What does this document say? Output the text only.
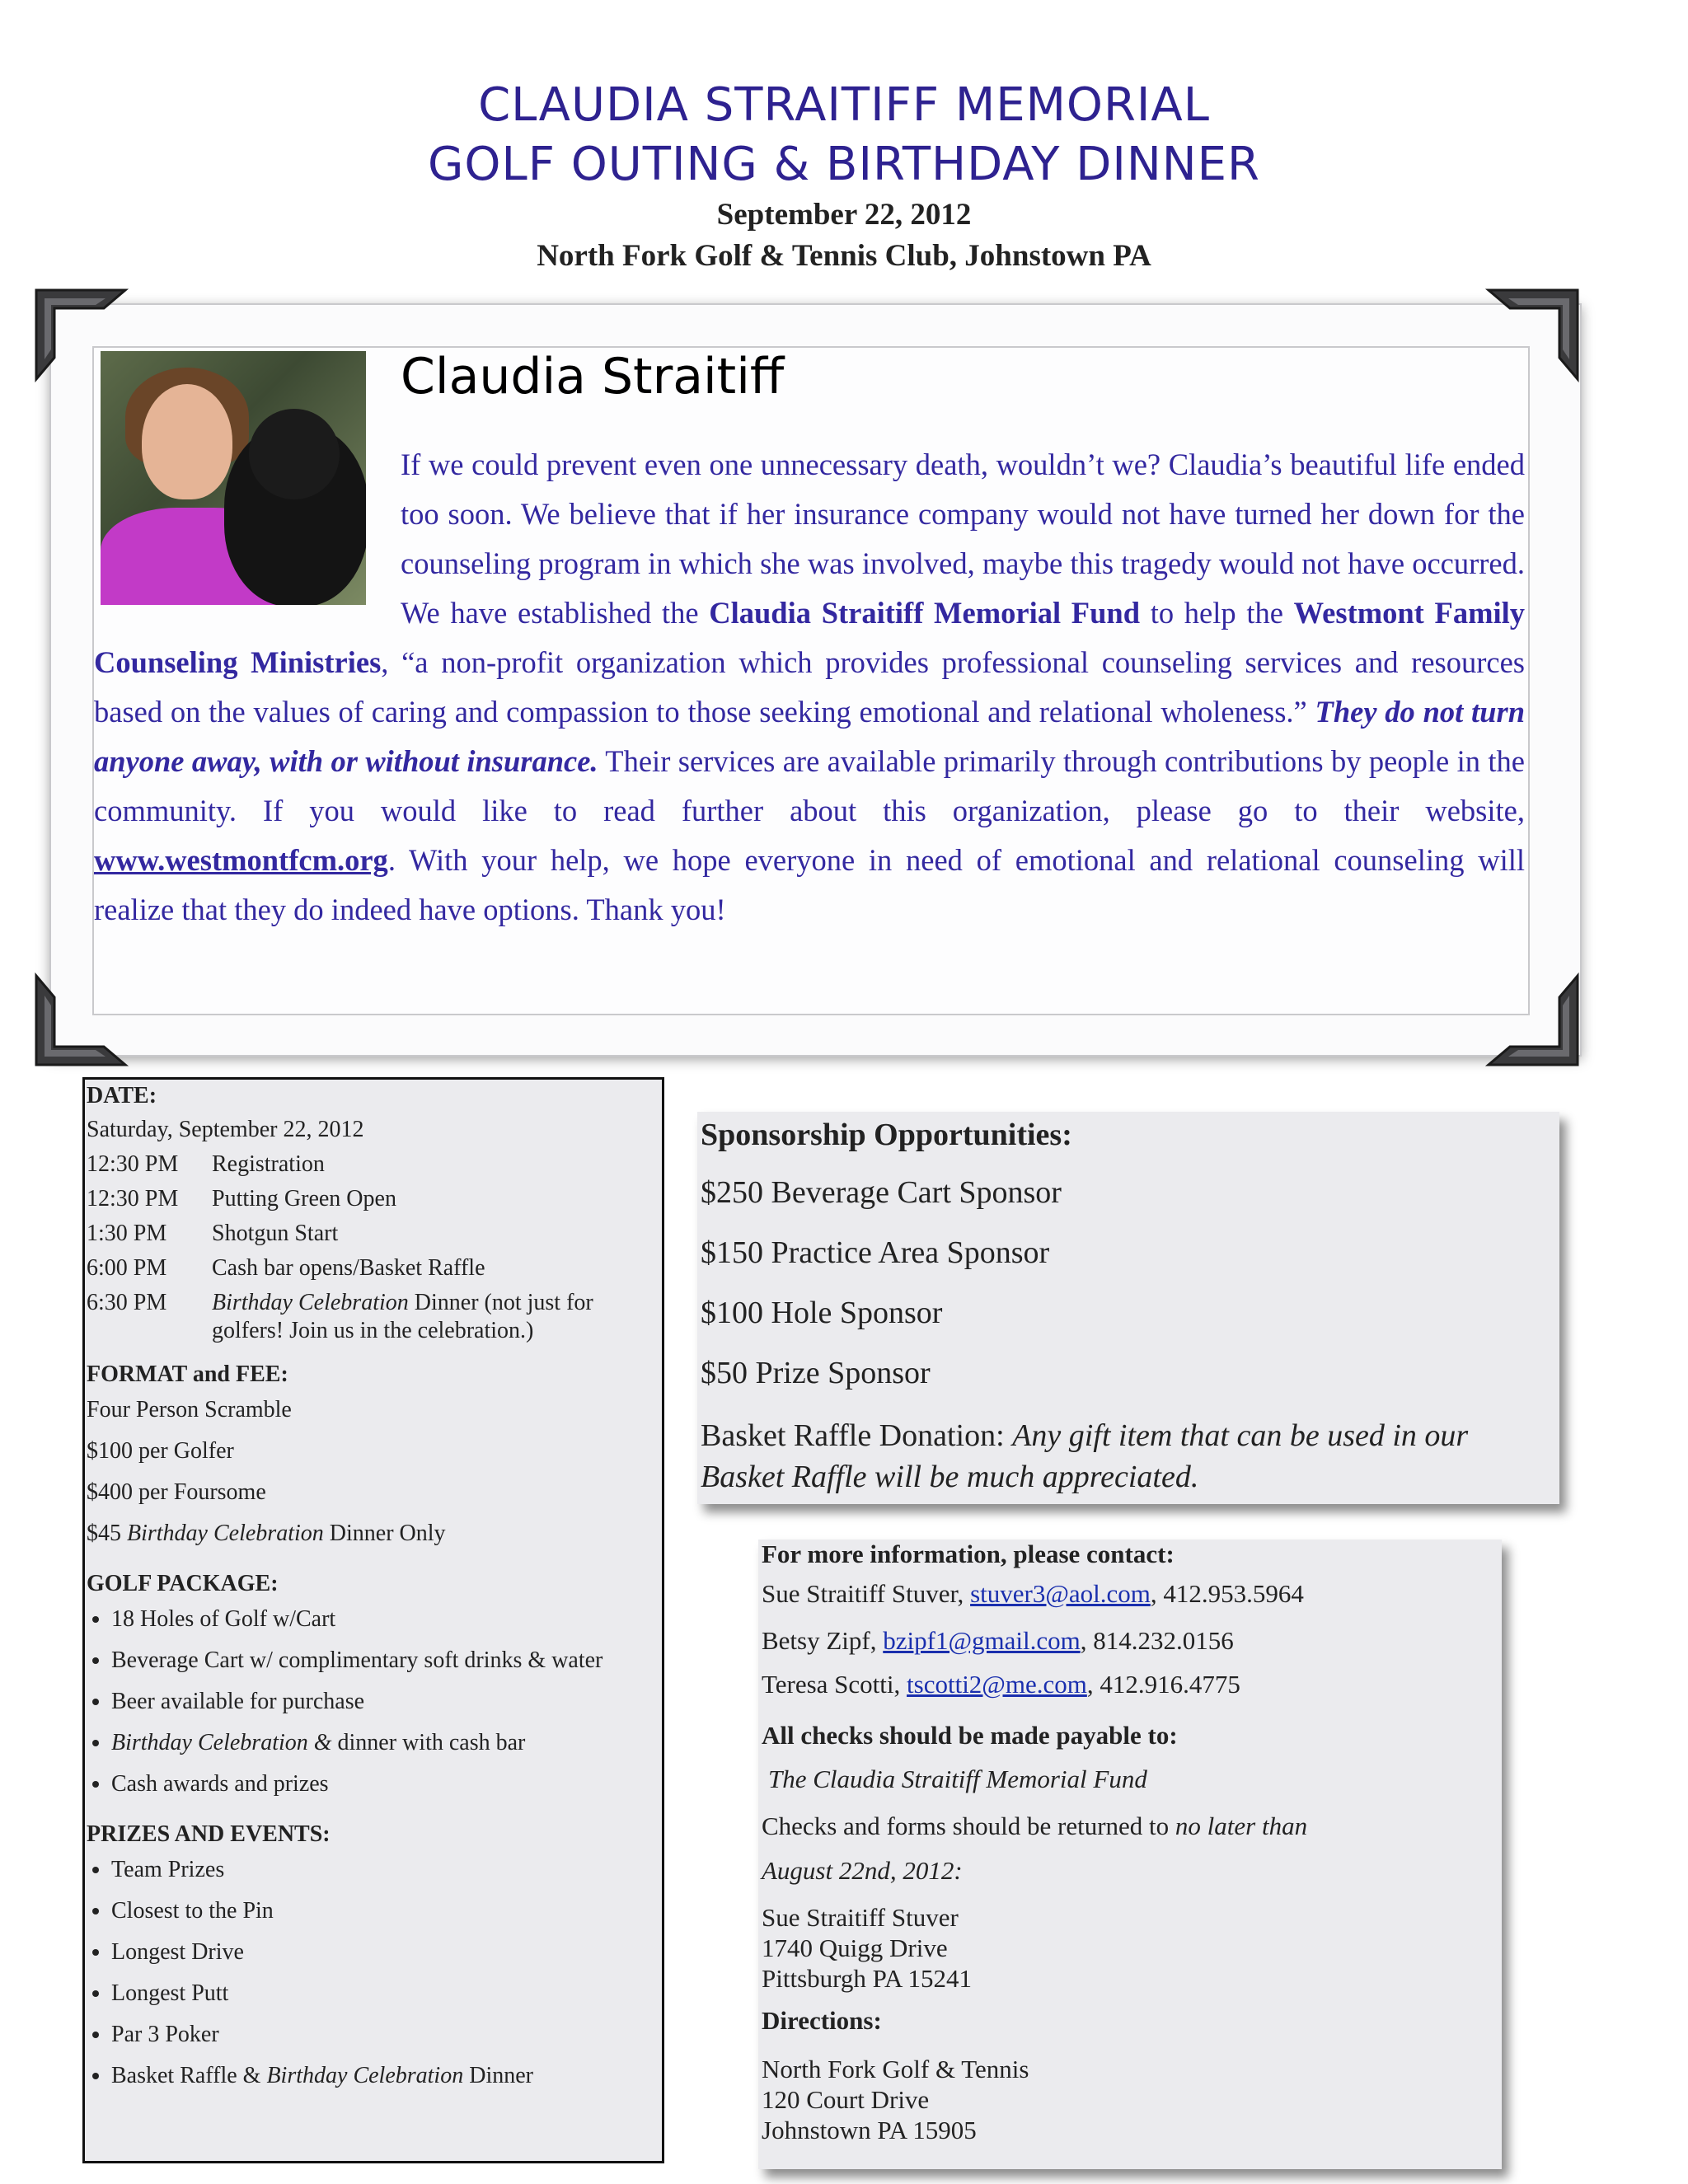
CLAUDIA STRAITIFF MEMORIAL
GOLF OUTING & BIRTHDAY DINNER
September 22, 2012
North Fork Golf & Tennis Club, Johnstown PA
Claudia Straitiff
If we could prevent even one unnecessary death, wouldn’t we? Claudia’s beautiful life ended too soon. We believe that if her insurance company would not have turned her down for the counseling program in which she was involved, maybe this tragedy would not have occurred. We have established the Claudia Straitiff Memorial Fund to help the Westmont Family Counseling Ministries, “a non-profit organization which provides professional counseling services and resources based on the values of caring and compassion to those seeking emotional and relational wholeness.” They do not turn anyone away, with or without insurance. Their services are available primarily through contributions by people in the community. If you would like to read further about this organization, please go to their website, www.westmontfcm.org. With your help, we hope everyone in need of emotional and relational counseling will realize that they do indeed have options. Thank you!
DATE:
Saturday, September 22, 2012
12:30 PM	Registration
12:30 PM	Putting Green Open
1:30 PM	Shotgun Start
6:00 PM	Cash bar opens/Basket Raffle
6:30 PM	Birthday Celebration Dinner (not just for golfers! Join us in the celebration.)
FORMAT and FEE:
Four Person Scramble
$100 per Golfer
$400 per Foursome
$45 Birthday Celebration Dinner Only
GOLF PACKAGE:
• 18 Holes of Golf w/Cart
• Beverage Cart w/ complimentary soft drinks & water
• Beer available for purchase
• Birthday Celebration & dinner with cash bar
• Cash awards and prizes
PRIZES AND EVENTS:
• Team Prizes
• Closest to the Pin
• Longest Drive
• Longest Putt
• Par 3 Poker
• Basket Raffle & Birthday Celebration Dinner
Sponsorship Opportunities:
$250 Beverage Cart Sponsor
$150 Practice Area Sponsor
$100 Hole Sponsor
$50 Prize Sponsor
Basket Raffle Donation: Any gift item that can be used in our Basket Raffle will be much appreciated.
For more information, please contact:
Sue Straitiff Stuver, stuver3@aol.com, 412.953.5964
Betsy Zipf, bzipf1@gmail.com, 814.232.0156
Teresa Scotti, tscotti2@me.com, 412.916.4775
All checks should be made payable to:
The Claudia Straitiff Memorial Fund
Checks and forms should be returned to no later than
August 22nd, 2012:
Sue Straitiff Stuver
1740 Quigg Drive
Pittsburgh PA 15241
Directions:
North Fork Golf & Tennis
120 Court Drive
Johnstown PA 15905
